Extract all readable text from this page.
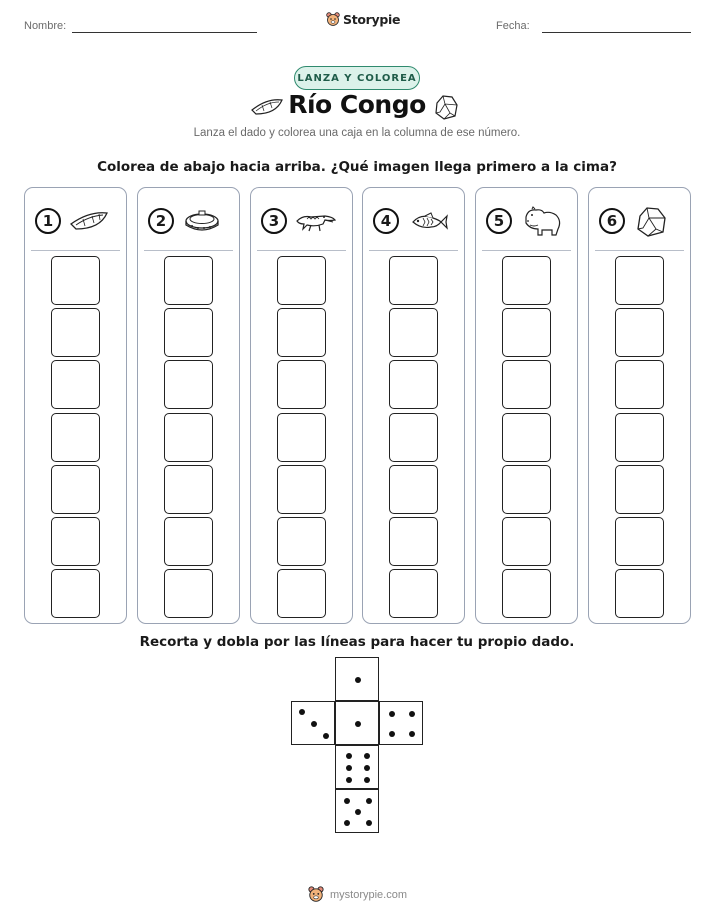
Nombre:	Storypie	Fecha:
LANZA Y COLOREA
Río Congo
Lanza el dado y colorea una caja en la columna de ese número.
Colorea de abajo hacia arriba. ¿Qué imagen llega primero a la cima?
1	2	3	4	5	6
Recorta y dobla por las líneas para hacer tu propio dado.
mystorypie.com
